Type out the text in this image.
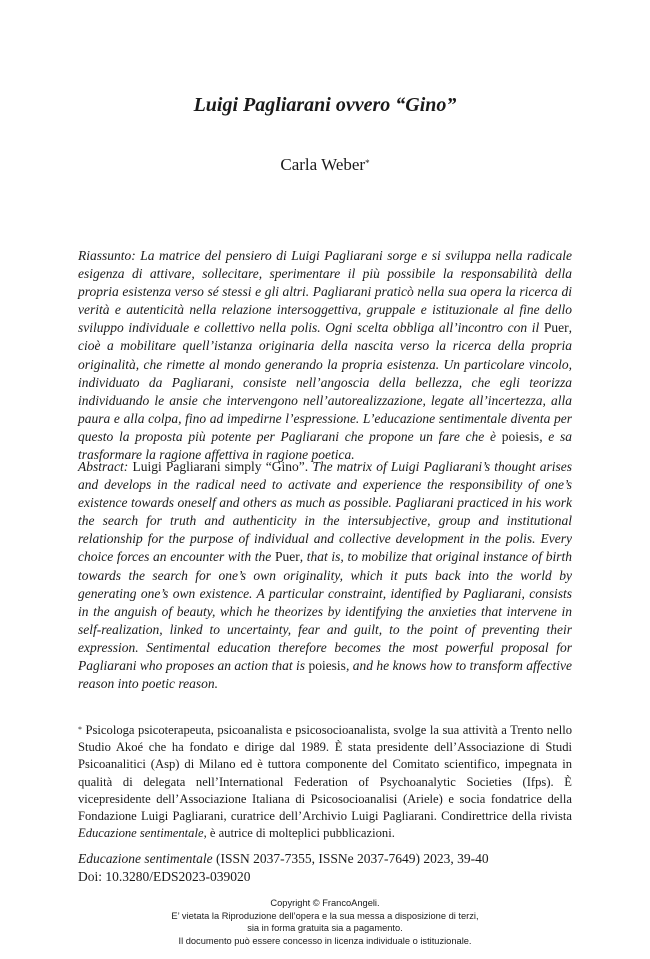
Luigi Pagliarani ovvero “Gino”
Carla Weber*

Riassunto: La matrice del pensiero di Luigi Pagliarani sorge e si sviluppa nella radicale esigenza di attivare, sollecitare, sperimentare il più possibile la responsabilità della propria esistenza verso sé stessi e gli altri. Pagliarani praticò nella sua opera la ricerca di verità e autenticità nella relazione intersoggettiva, gruppale e istituzionale al fine dello sviluppo individuale e collettivo nella polis. Ogni scelta obbliga all’incontro con il Puer, cioè a mobilitare quell’istanza originaria della nascita verso la ricerca della propria originalità, che rimette al mondo generando la propria esistenza. Un particolare vincolo, individuato da Pagliarani, consiste nell’angoscia della bellezza, che egli teorizza individuando le ansie che intervengono nell’autorealizzazione, legate all’incertezza, alla paura e alla colpa, fino ad impedirne l’espressione. L’educazione sentimentale diventa per questo la proposta più potente per Pagliarani che propone un fare che è poiesis, e sa trasformare la ragione affettiva in ragione poetica.

Abstract: Luigi Pagliarani simply “Gino”. The matrix of Luigi Pagliarani’s thought arises and develops in the radical need to activate and experience the responsibility of one’s existence towards oneself and others as much as possible. Pagliarani practiced in his work the search for truth and authenticity in the intersubjective, group and institutional relationship for the purpose of individual and collective development in the polis. Every choice forces an encounter with the Puer, that is, to mobilize that original instance of birth towards the search for one’s own originality, which it puts back into the world by generating one’s own existence. A particular constraint, identified by Pagliarani, consists in the anguish of beauty, which he theorizes by identifying the anxieties that intervene in self-realization, linked to uncertainty, fear and guilt, to the point of preventing their expression. Sentimental education therefore becomes the most powerful proposal for Pagliarani who proposes an action that is poiesis, and he knows how to transform affective reason into poetic reason.

* Psicologa psicoterapeuta, psicoanalista e psicosocioanalista, svolge la sua attività a Trento nello Studio Akoé che ha fondato e dirige dal 1989. È stata presidente dell’Associazione di Studi Psicoanalitici (Asp) di Milano ed è tuttora componente del Comitato scientifico, impegnata in qualità di delegata nell’International Federation of Psychoanalytic Societies (Ifps). È vicepresidente dell’Associazione Italiana di Psicosocioanalisi (Ariele) e socia fondatrice della Fondazione Luigi Pagliarani, curatrice dell’Archivio Luigi Pagliarani. Condirettrice della rivista Educazione sentimentale, è autrice di molteplici pubblicazioni.

Educazione sentimentale (ISSN 2037-7355, ISSNe 2037-7649) 2023, 39-40
Doi: 10.3280/EDS2023-039020
Copyright © FrancoAngeli.
E’ vietata la Riproduzione dell’opera e la sua messa a disposizione di terzi,
sia in forma gratuita sia a pagamento.
Il documento può essere concesso in licenza individuale o istituzionale.
